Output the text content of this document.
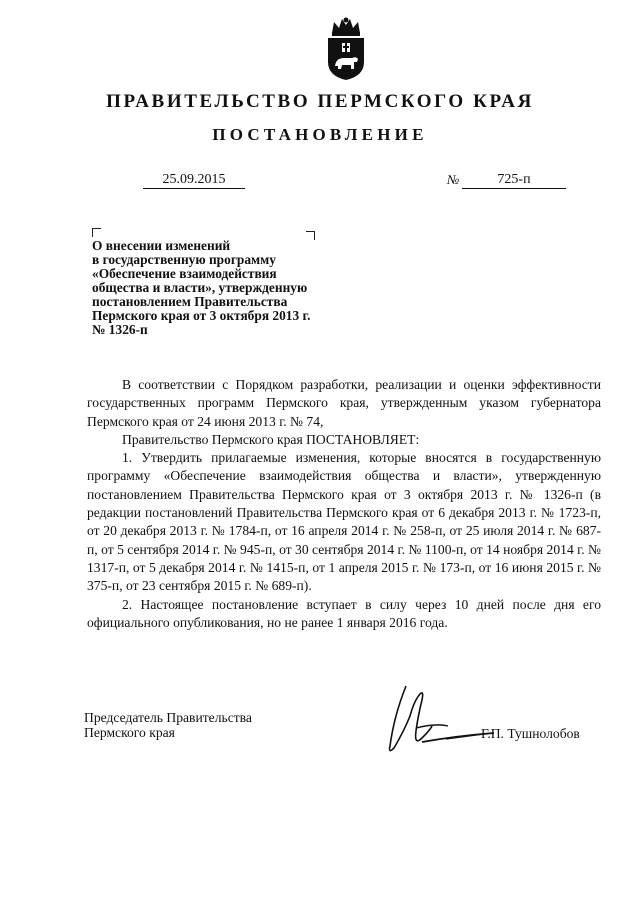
ПРАВИТЕЛЬСТВО ПЕРМСКОГО КРАЯ
ПОСТАНОВЛЕНИЕ
25.09.2015	№	725-п
О внесении изменений
в государственную программу
«Обеспечение взаимодействия
общества и власти», утвержденную
постановлением Правительства
Пермского края от 3 октября 2013 г.
№ 1326-п

В соответствии с Порядком разработки, реализации и оценки эффективности государственных программ Пермского края, утвержденным указом губернатора Пермского края от 24 июня 2013 г. № 74,

Правительство Пермского края ПОСТАНОВЛЯЕТ:

1. Утвердить прилагаемые изменения, которые вносятся в государственную программу «Обеспечение взаимодействия общества и власти», утвержденную постановлением Правительства Пермского края от 3 октября 2013 г. № 1326-п (в редакции постановлений Правительства Пермского края от 6 декабря 2013 г. № 1723-п, от 20 декабря 2013 г. № 1784-п, от 16 апреля 2014 г. № 258-п, от 25 июля 2014 г. № 687-п, от 5 сентября 2014 г. № 945-п, от 30 сентября 2014 г. № 1100-п, от 14 ноября 2014 г. № 1317-п, от 5 декабря 2014 г. № 1415-п, от 1 апреля 2015 г. № 173-п, от 16 июня 2015 г. № 375-п, от 23 сентября 2015 г. № 689-п).

2. Настоящее постановление вступает в силу через 10 дней после дня его официального опубликования, но не ранее 1 января 2016 года.

Председатель Правительства
Пермского края	Г.П. Тушнолобов
